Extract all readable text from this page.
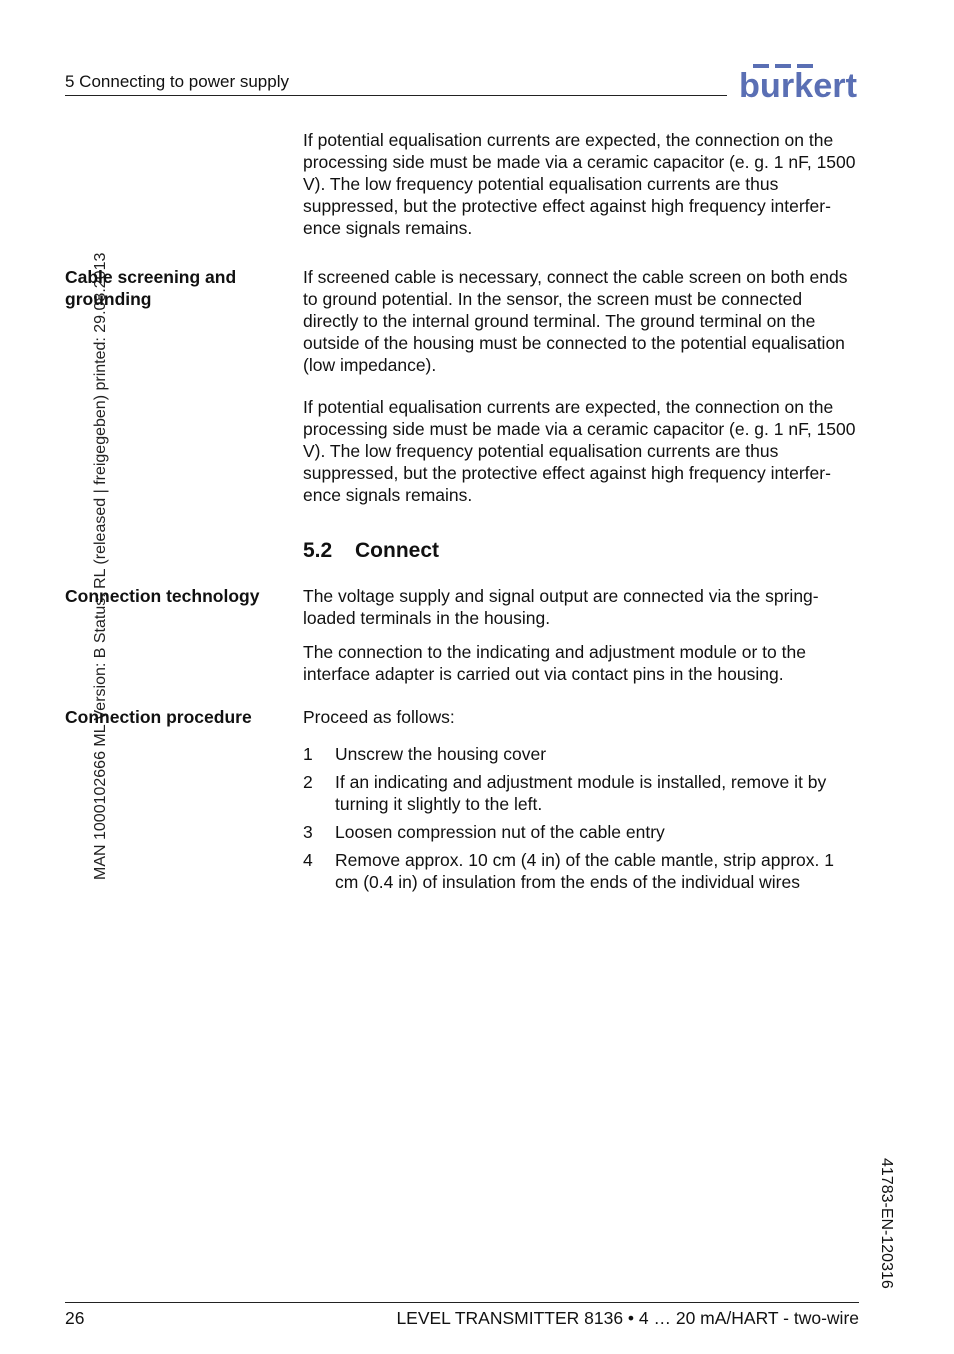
5 Connecting to power supply	burkert
MAN 1000102666 ML Version: B Status: RL (released | freigegeben) printed: 29.08.2013
41783-EN-120316
If potential equalisation currents are expected, the connection on the processing side must be made via a ceramic capacitor (e. g. 1 nF, 1500 V). The low frequency potential equalisation currents are thus suppressed, but the protective effect against high frequency interfer-ence signals remains.
Cable screening and grounding
If screened cable is necessary, connect the cable screen on both ends to ground potential. In the sensor, the screen must be connected directly to the internal ground terminal. The ground terminal on the outside of the housing must be connected to the potential equalisation (low impedance).
If potential equalisation currents are expected, the connection on the processing side must be made via a ceramic capacitor (e. g. 1 nF, 1500 V). The low frequency potential equalisation currents are thus suppressed, but the protective effect against high frequency interfer-ence signals remains.
5.2 Connect
Connection technology	The voltage supply and signal output are connected via the spring-loaded terminals in the housing.
The connection to the indicating and adjustment module or to the interface adapter is carried out via contact pins in the housing.
Connection procedure	Proceed as follows:
1	Unscrew the housing cover
2	If an indicating and adjustment module is installed, remove it by turning it slightly to the left.
3	Loosen compression nut of the cable entry
4	Remove approx. 10 cm (4 in) of the cable mantle, strip approx. 1 cm (0.4 in) of insulation from the ends of the individual wires
26	LEVEL TRANSMITTER 8136 • 4 … 20 mA/HART - two-wire
